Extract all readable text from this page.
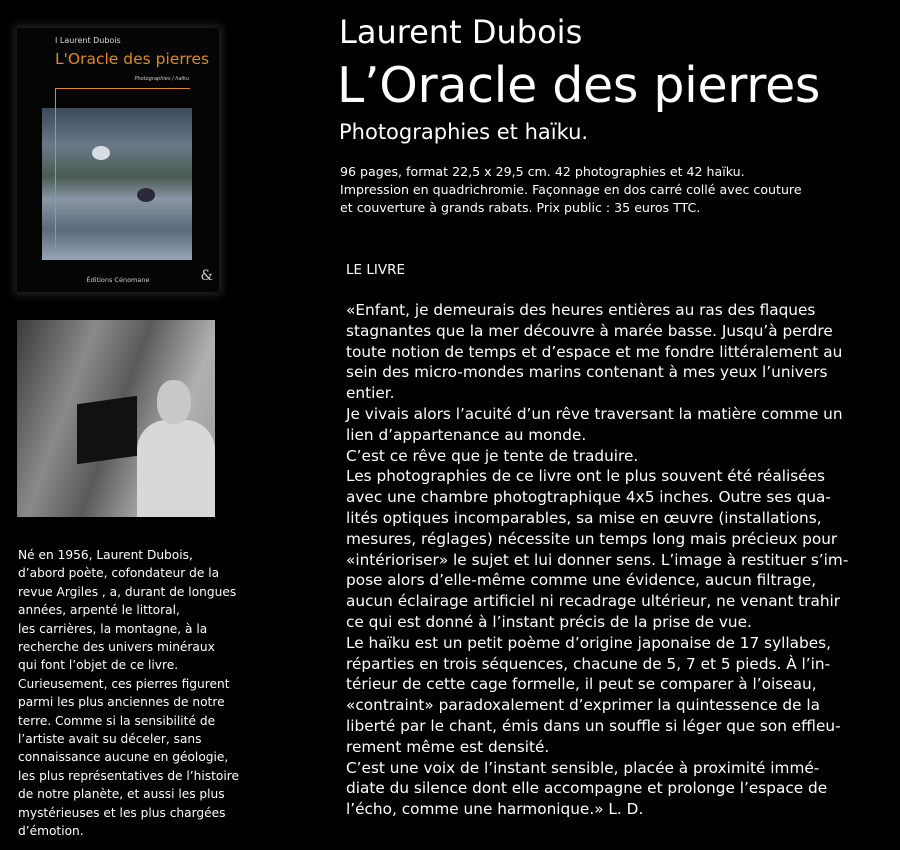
I Laurent Dubois
L'Oracle des pierres
Photographies / haïku
Éditions Cénomane	&
Né en 1956, Laurent Dubois,
d’abord poète, cofondateur de la
revue Argiles , a, durant de longues
années, arpenté le littoral,
les carrières, la montagne, à la
recherche des univers minéraux
qui font l’objet de ce livre.
Curieusement, ces pierres figurent
parmi les plus anciennes de notre
terre. Comme si la sensibilité de
l’artiste avait su déceler, sans
connaissance aucune en géologie,
les plus représentatives de l’histoire
de notre planète, et aussi les plus
mystérieuses et les plus chargées
d’émotion.
Laurent Dubois
L’Oracle des pierres
Photographies et haïku.
96 pages, format 22,5 x 29,5 cm. 42 photographies et 42 haïku.
Impression en quadrichromie. Façonnage en dos carré collé avec couture
et couverture à grands rabats. Prix public : 35 euros TTC.
LE LIVRE
«Enfant, je demeurais des heures entières au ras des flaques
stagnantes que la mer découvre à marée basse. Jusqu’à perdre
toute notion de temps et d’espace et me fondre littéralement au
sein des micro-mondes marins contenant à mes yeux l’univers
entier.
Je vivais alors l’acuité d’un rêve traversant la matière comme un
lien d’appartenance au monde.
C’est ce rêve que je tente de traduire.
Les photographies de ce livre ont le plus souvent été réalisées
avec une chambre photogtraphique 4x5 inches. Outre ses qua-
lités optiques incomparables, sa mise en œuvre (installations,
mesures, réglages) nécessite un temps long mais précieux pour
«intérioriser» le sujet et lui donner sens. L’image à restituer s’im-
pose alors d’elle-même comme une évidence, aucun filtrage,
aucun éclairage artificiel ni recadrage ultérieur, ne venant trahir
ce qui est donné à l’instant précis de la prise de vue.
Le haïku est un petit poème d’origine japonaise de 17 syllabes,
réparties en trois séquences, chacune de 5, 7 et 5 pieds. À l’in-
térieur de cette cage formelle, il peut se comparer à l’oiseau,
«contraint» paradoxalement d’exprimer la quintessence de la
liberté par le chant, émis dans un souffle si léger que son effleu-
rement même est densité.
C’est une voix de l’instant sensible, placée à proximité immé-
diate du silence dont elle accompagne et prolonge l’espace de
l’écho, comme une harmonique.» L. D.
